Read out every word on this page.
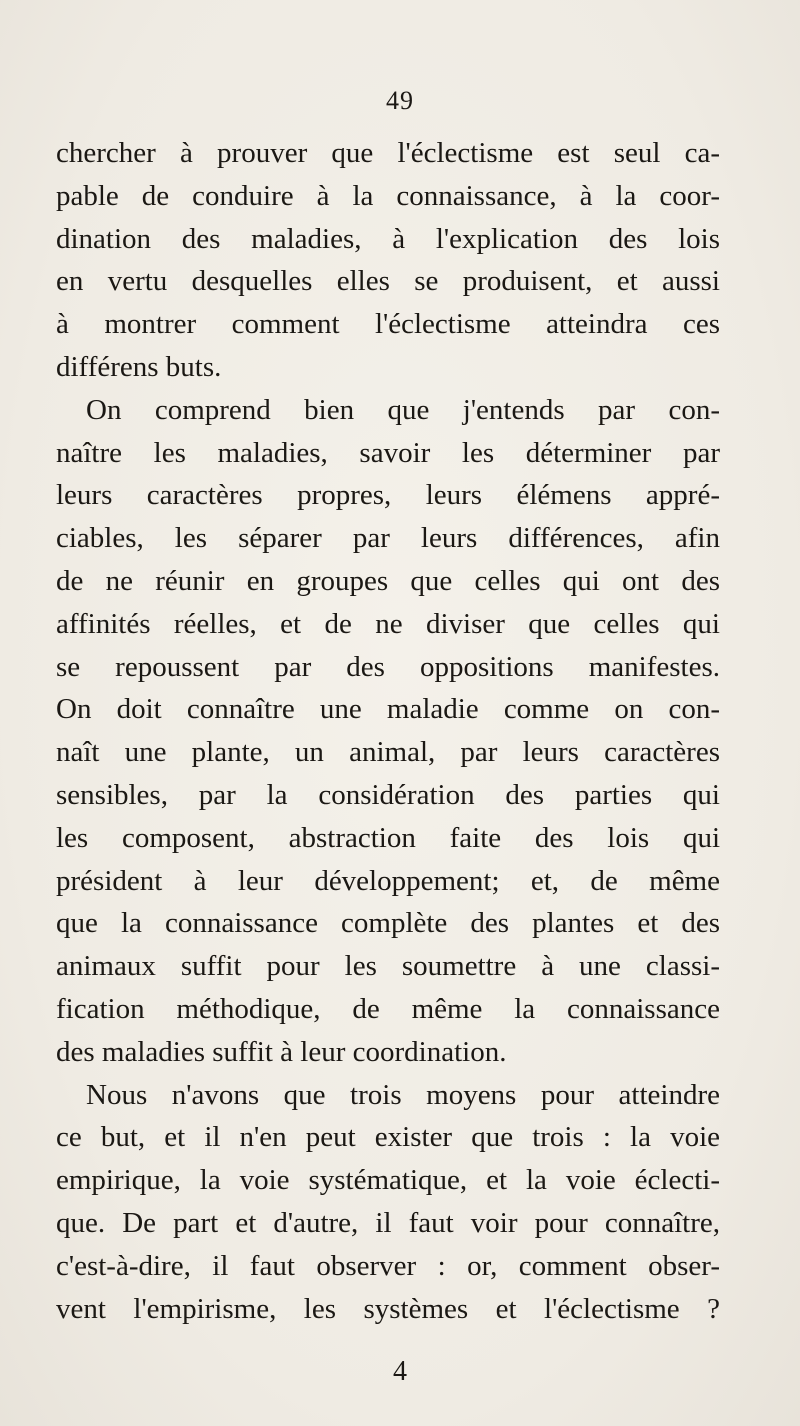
49
chercher à prouver que l'éclectisme est seul ca-
pable de conduire à la connaissance, à la coor-
dination des maladies, à l'explication des lois
en vertu desquelles elles se produisent, et aussi
à montrer comment l'éclectisme atteindra ces
différens buts.
On comprend bien que j'entends par con-
naître les maladies, savoir les déterminer par
leurs caractères propres, leurs élémens appré-
ciables, les séparer par leurs différences, afin
de ne réunir en groupes que celles qui ont des
affinités réelles, et de ne diviser que celles qui
se repoussent par des oppositions manifestes.
On doit connaître une maladie comme on con-
naît une plante, un animal, par leurs caractères
sensibles, par la considération des parties qui
les composent, abstraction faite des lois qui
président à leur développement; et, de même
que la connaissance complète des plantes et des
animaux suffit pour les soumettre à une classi-
fication méthodique, de même la connaissance
des maladies suffit à leur coordination.
Nous n'avons que trois moyens pour atteindre
ce but, et il n'en peut exister que trois : la voie
empirique, la voie systématique, et la voie éclecti-
que. De part et d'autre, il faut voir pour connaître,
c'est-à-dire, il faut observer : or, comment obser-
vent l'empirisme, les systèmes et l'éclectisme ?
4
